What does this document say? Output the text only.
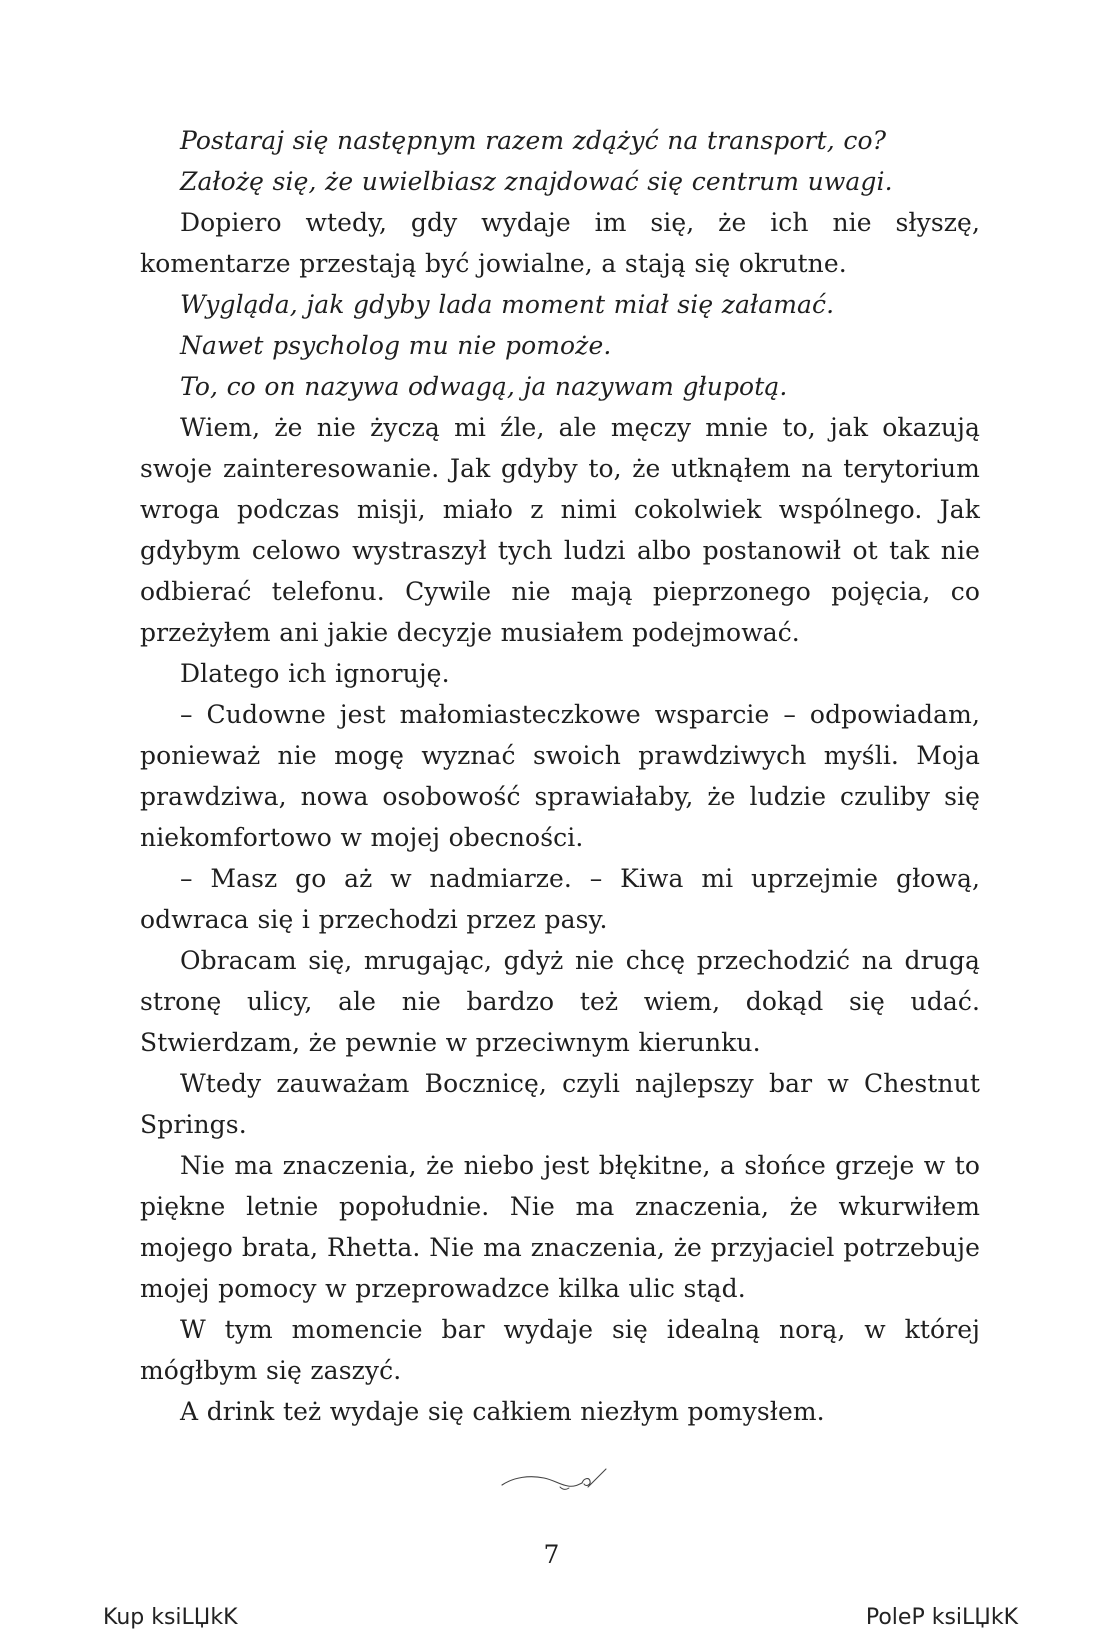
Postaraj się następnym razem zdążyć na transport, co?

Założę się, że uwielbiasz znajdować się centrum uwagi.

Dopiero wtedy, gdy wydaje im się, że ich nie słyszę, komentarze przestają być jowialne, a stają się okrutne.

Wygląda, jak gdyby lada moment miał się załamać.

Nawet psycholog mu nie pomoże.

To, co on nazywa odwagą, ja nazywam głupotą.

Wiem, że nie życzą mi źle, ale męczy mnie to, jak okazują swoje zainteresowanie. Jak gdyby to, że utknąłem na terytorium wroga podczas misji, miało z nimi cokolwiek wspólnego. Jak gdybym celowo wystraszył tych ludzi albo postanowił ot tak nie odbierać telefonu. Cywile nie mają pieprzonego pojęcia, co przeżyłem ani jakie decyzje musiałem podejmować.

Dlatego ich ignoruję.

– Cudowne jest małomiasteczkowe wsparcie – odpowiadam, ponieważ nie mogę wyznać swoich prawdziwych myśli. Moja prawdziwa, nowa osobowość sprawiałaby, że ludzie czuliby się niekomfortowo w mojej obecności.

– Masz go aż w nadmiarze. – Kiwa mi uprzejmie głową, odwraca się i przechodzi przez pasy.

Obracam się, mrugając, gdyż nie chcę przechodzić na drugą stronę ulicy, ale nie bardzo też wiem, dokąd się udać. Stwierdzam, że pewnie w przeciwnym kierunku.

Wtedy zauważam Bocznicę, czyli najlepszy bar w Chestnut Springs.

Nie ma znaczenia, że niebo jest błękitne, a słońce grzeje w to piękne letnie popołudnie. Nie ma znaczenia, że wkurwiłem mojego brata, Rhetta. Nie ma znaczenia, że przyjaciel potrzebuje mojej pomocy w przeprowadzce kilka ulic stąd.

W tym momencie bar wydaje się idealną norą, w której mógłbym się zaszyć.

A drink też wydaje się całkiem niezłym pomysłem.

7
Kup ksiLЏkK	PoleP ksiLЏkK
